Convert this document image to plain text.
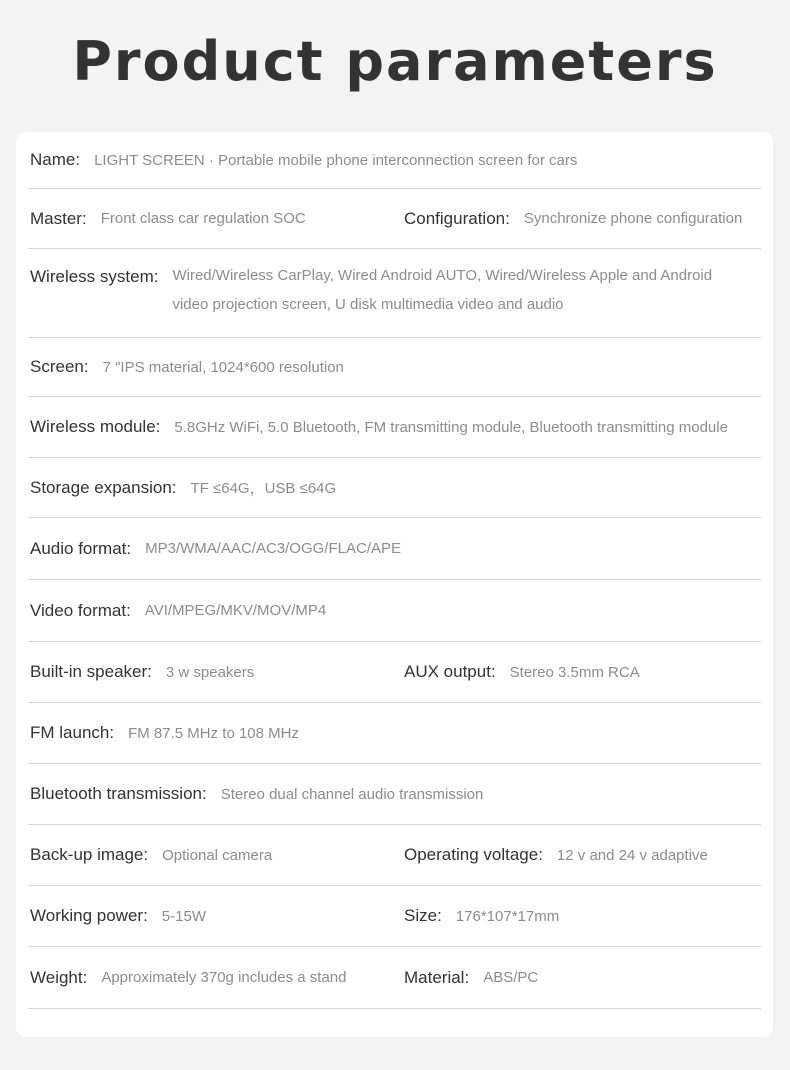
Product parameters
Name: LIGHT SCREEN · Portable mobile phone interconnection screen for cars
Master: Front class car regulation SOC	Configuration: Synchronize phone configuration
Wireless system: Wired/Wireless CarPlay, Wired Android AUTO, Wired/Wireless Apple and Android video projection screen, U disk multimedia video and audio
Screen: 7 "IPS material, 1024*600 resolution
Wireless module: 5.8GHz WiFi, 5.0 Bluetooth, FM transmitting module, Bluetooth transmitting module
Storage expansion: TF ≤64G，USB ≤64G
Audio format: MP3/WMA/AAC/AC3/OGG/FLAC/APE
Video format: AVI/MPEG/MKV/MOV/MP4
Built-in speaker: 3 w speakers	AUX output: Stereo 3.5mm RCA
FM launch: FM 87.5 MHz to 108 MHz
Bluetooth transmission: Stereo dual channel audio transmission
Back-up image: Optional camera	Operating voltage: 12 v and 24 v adaptive
Working power: 5-15W	Size: 176*107*17mm
Weight: Approximately 370g includes a stand	Material: ABS/PC
